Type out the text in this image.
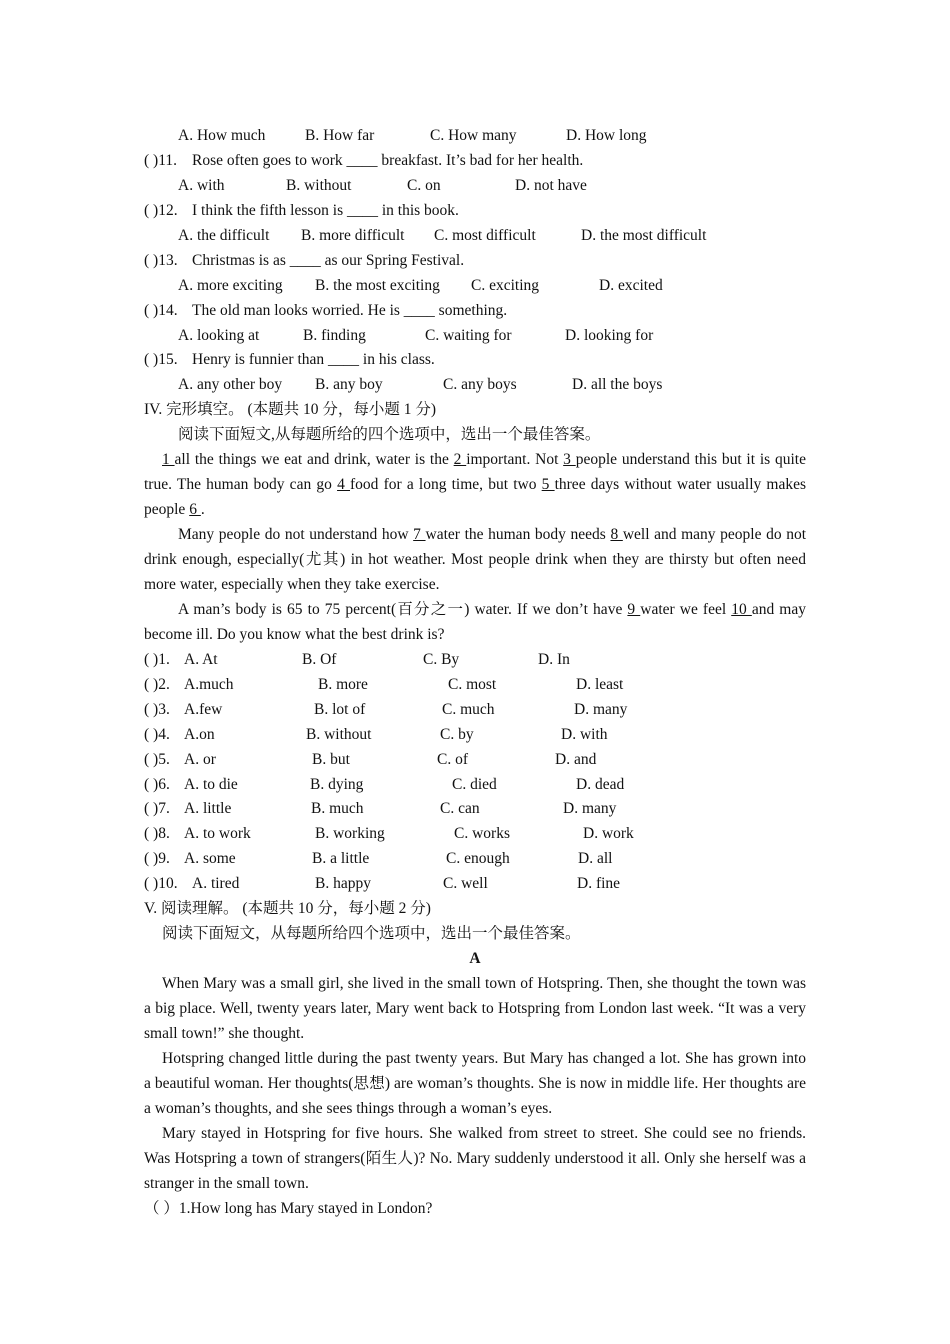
A. How much	B. How far	C. How many	D. How long
( )11. Rose often goes to work ____ breakfast. It’s bad for her health.
A. with	B. without	C. on	D. not have
( )12. I think the fifth lesson is ____ in this book.
A. the difficult B. more difficult C. most difficult	D. the most difficult
( )13. Christmas is as ____ as our Spring Festival.
A. more exciting B. the most exciting C. exciting	D. excited
( )14. The old man looks worried. He is ____ something.
A. looking at	B. finding	C. waiting for	D. looking for
( )15. Henry is funnier than ____ in his class.
A. any other boy B. any boy	C. any boys	D. all the boys
IV. 完形填空。 (本题共 10 分，每小题 1 分)
阅读下面短文,从每题所给的四个选项中，选出一个最佳答案。

1 all the things we eat and drink, water is the 2 important. Not 3 people understand this but it is quite true. The human body can go 4 food for a long time, but two 5 three days without water usually makes people 6 .

Many people do not understand how 7 water the human body needs 8 well and many people do not drink enough, especially(尤其) in hot weather. Most people drink when they are thirsty but often need more water, especially when they take exercise.

A man’s body is 65 to 75 percent(百分之一) water. If we don’t have 9 water we feel 10 and may become ill. Do you know what the best drink is?

( )1. A. At	B. Of	C. By	D. In
( )2. A.much	B. more	C. most	D. least
( )3. A.few	B. lot of	C. much	D. many
( )4. A.on	B. without	C. by	D. with
( )5. A. or	B. but	C. of	D. and
( )6. A. to die	B. dying	C. died	D. dead
( )7. A. little	B. much	C. can	D. many
( )8. A. to work	B. working	C. works	D. work
( )9. A. some	B. a little	C. enough	D. all
( )10. A. tired	B. happy	C. well	D. fine
V. 阅读理解。 (本题共 10 分，每小题 2 分)
阅读下面短文，从每题所给四个选项中，选出一个最佳答案。
A

When Mary was a small girl, she lived in the small town of Hotspring. Then, she thought the town was a big place. Well, twenty years later, Mary went back to Hotspring from London last week. “It was a very small town!” she thought.

Hotspring changed little during the past twenty years. But Mary has changed a lot. She has grown into a beautiful woman. Her thoughts(思想) are woman’s thoughts. She is now in middle life. Her thoughts are a woman’s thoughts, and she sees things through a woman’s eyes.

Mary stayed in Hotspring for five hours. She walked from street to street. She could see no friends. Was Hotspring a town of strangers(陌生人)? No. Mary suddenly understood it all. Only she herself was a stranger in the small town.

（ ）1.How long has Mary stayed in London?
